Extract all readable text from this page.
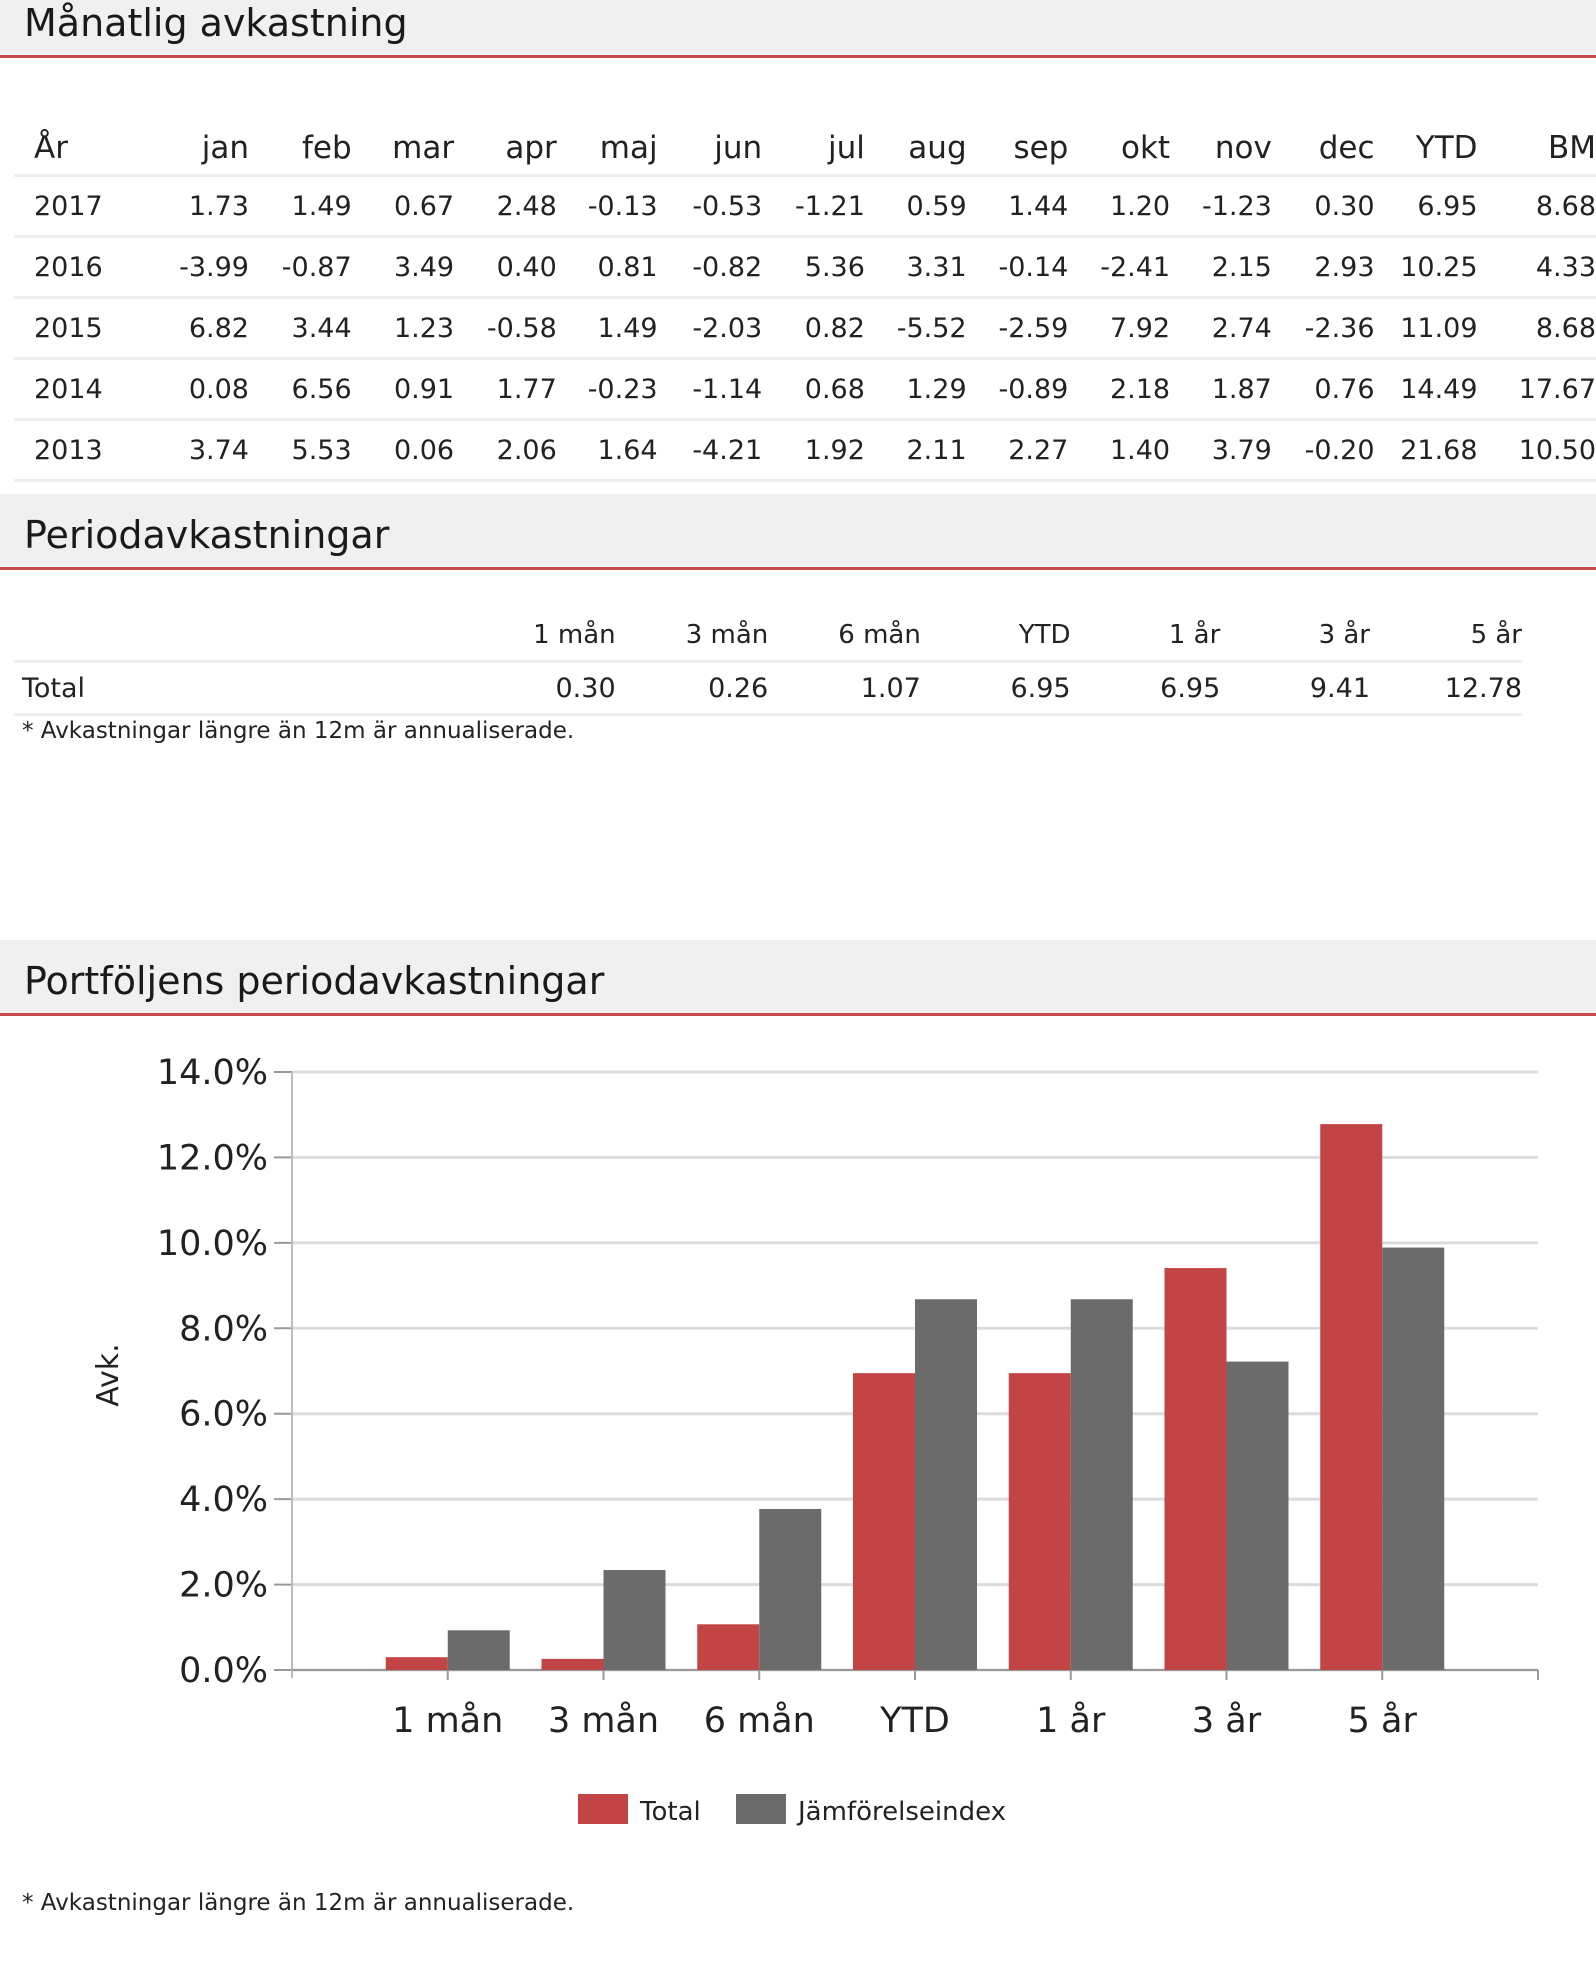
Månatlig avkastning
År	jan	feb	mar	apr	maj	jun	jul	aug	sep	okt	nov	dec	YTD	BM
2017	1.73	1.49	0.67	2.48	-0.13	-0.53	-1.21	0.59	1.44	1.20	-1.23	0.30	6.95	8.68
2016	-3.99	-0.87	3.49	0.40	0.81	-0.82	5.36	3.31	-0.14	-2.41	2.15	2.93	10.25	4.33
2015	6.82	3.44	1.23	-0.58	1.49	-2.03	0.82	-5.52	-2.59	7.92	2.74	-2.36	11.09	8.68
2014	0.08	6.56	0.91	1.77	-0.23	-1.14	0.68	1.29	-0.89	2.18	1.87	0.76	14.49	17.67
2013	3.74	5.53	0.06	2.06	1.64	-4.21	1.92	2.11	2.27	1.40	3.79	-0.20	21.68	10.50
Periodavkastningar
	1 mån	3 mån	6 mån	YTD	1 år	3 år	5 år
Total	0.30	0.26	1.07	6.95	6.95	9.41	12.78
* Avkastningar längre än 12m är annualiserade.
Portföljens periodavkastningar
0.0%
2.0%
4.0%
6.0%
8.0%
10.0%
12.0%
14.0%
Avk.
1 mån 3 mån 6 mån YTD 1 år 3 år 5 år
Total	Jämförelseindex
* Avkastningar längre än 12m är annualiserade.
